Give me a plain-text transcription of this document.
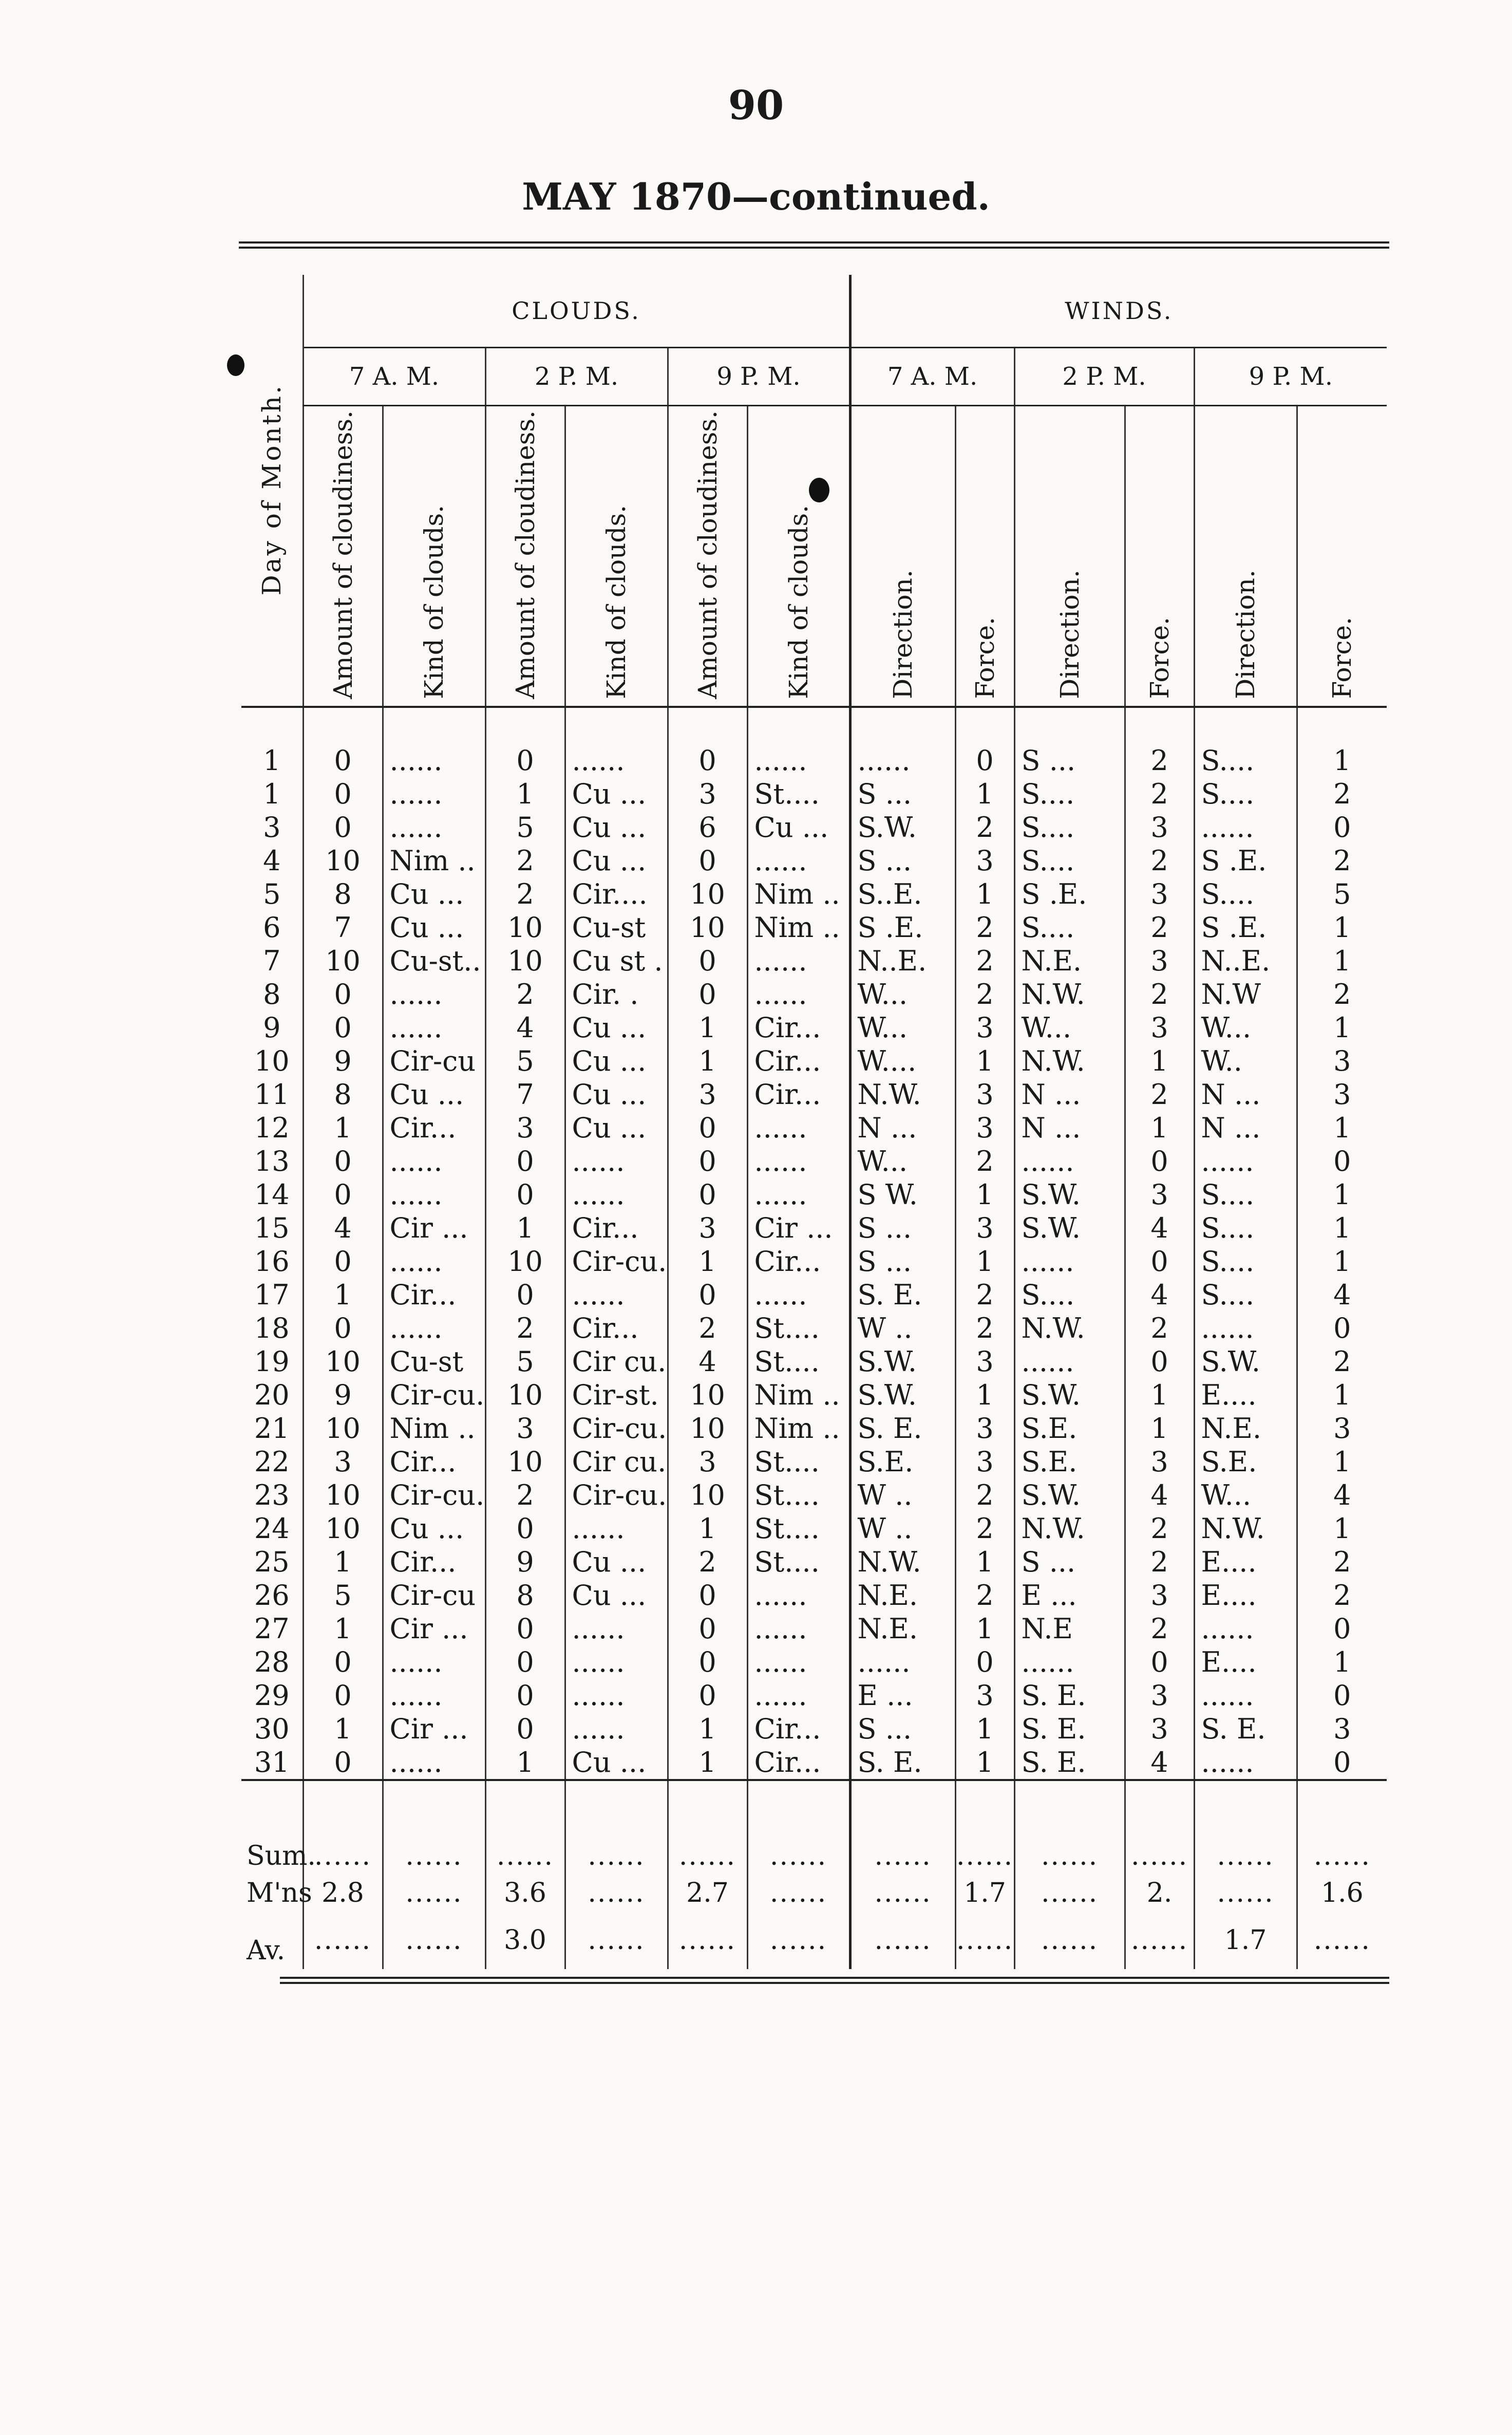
90
MAY 1870—continued.
Day of Month.	CLOUDS.						WINDS.					
	7 A. M.		2 P. M.		9 P. M.		7 A. M.		2 P. M.		9 P. M.	
	Amount of cloudiness.	Kind of clouds.	Amount of cloudiness.	Kind of clouds.	Amount of cloudiness.	Kind of clouds.	Direction.	Force.	Direction.	Force.	Direction.	Force.
1	0	......	0	......	0	......	......	0	S ...	2	S....	1
1	0	......	1	Cu ...	3	St....	S ...	1	S....	2	S....	2
3	0	......	5	Cu ...	6	Cu ...	S.W.	2	S....	3	......	0
4	10	Nim ..	2	Cu ...	0	......	S ...	3	S....	2	S .E.	2
5	8	Cu ...	2	Cir....	10	Nim ..	S..E.	1	S .E.	3	S....	5
6	7	Cu ...	10	Cu-st	10	Nim ..	S .E.	2	S....	2	S .E.	1
7	10	Cu-st..	10	Cu st .	0	......	N..E.	2	N.E.	3	N..E.	1
8	0	......	2	Cir. .	0	......	W...	2	N.W.	2	N.W	2
9	0	......	4	Cu ...	1	Cir...	W...	3	W...	3	W...	1
10	9	Cir-cu	5	Cu ...	1	Cir...	W....	1	N.W.	1	W..	3
11	8	Cu ...	7	Cu ...	3	Cir...	N.W.	3	N ...	2	N ...	3
12	1	Cir...	3	Cu ...	0	......	N ...	3	N ...	1	N ...	1
13	0	......	0	......	0	......	W...	2	......	0	......	0
14	0	......	0	......	0	......	S W.	1	S.W.	3	S....	1
15	4	Cir ...	1	Cir...	3	Cir ...	S ...	3	S.W.	4	S....	1
16	0	......	10	Cir-cu.	1	Cir...	S ...	1	......	0	S....	1
17	1	Cir...	0	......	0	......	S. E.	2	S....	4	S....	4
18	0	......	2	Cir...	2	St....	W ..	2	N.W.	2	......	0
19	10	Cu-st	5	Cir cu.	4	St....	S.W.	3	......	0	S.W.	2
20	9	Cir-cu.	10	Cir-st.	10	Nim ..	S.W.	1	S.W.	1	E....	1
21	10	Nim ..	3	Cir-cu.	10	Nim ..	S. E.	3	S.E.	1	N.E.	3
22	3	Cir...	10	Cir cu.	3	St....	S.E.	3	S.E.	3	S.E.	1
23	10	Cir-cu.	2	Cir-cu.	10	St....	W ..	2	S.W.	4	W...	4
24	10	Cu ...	0	......	1	St....	W ..	2	N.W.	2	N.W.	1
25	1	Cir...	9	Cu ...	2	St....	N.W.	1	S ...	2	E....	2
26	5	Cir-cu	8	Cu ...	0	......	N.E.	2	E ...	3	E....	2
27	1	Cir ...	0	......	0	......	N.E.	1	N.E	2	......	0
28	0	......	0	......	0	......	......	0	......	0	E....	1
29	0	......	0	......	0	......	E ...	3	S. E.	3	......	0
30	1	Cir ...	0	......	1	Cir...	S ...	1	S. E.	3	S. E.	3
31	0	......	1	Cu ...	1	Cir...	S. E.	1	S. E.	4	......	0
Sum.	......	......	......	......	......	......	......	......	......	......	......	......
M'ns	2.8	......	3.6	......	2.7	......	......	1.7	......	2.	......	1.6
Av.	......	......	3.0	......	......	......	......	......	......	......	1.7	......
